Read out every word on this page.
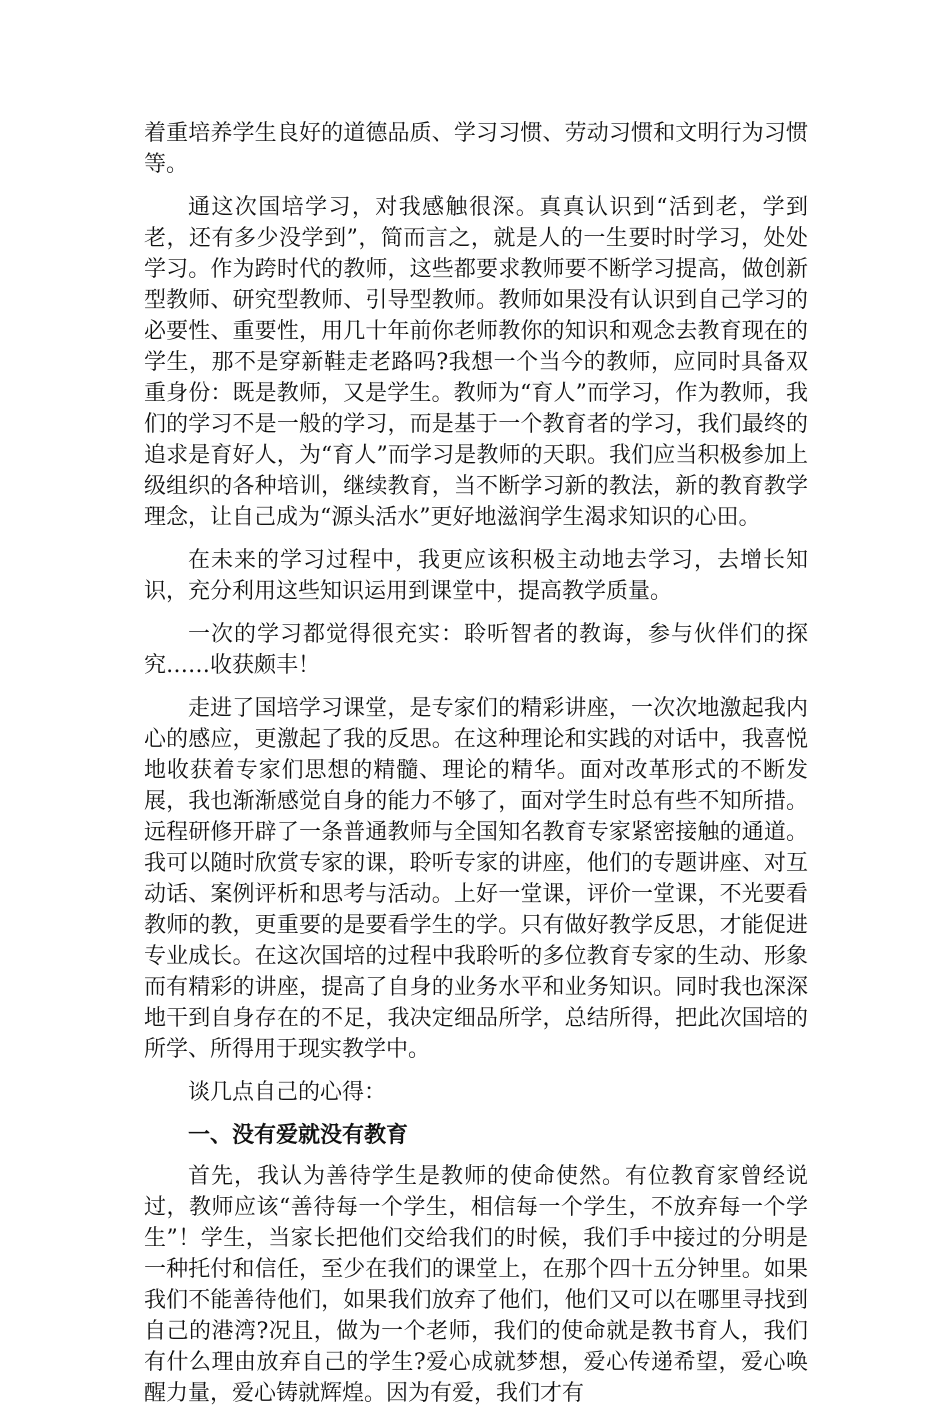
着重培养学生良好的道德品质、学习习惯、劳动习惯和文明行为习惯等。

通这次国培学习，对我感触很深。真真认识到“活到老，学到老，还有多少没学到”，简而言之，就是人的一生要时时学习，处处学习。作为跨时代的教师，这些都要求教师要不断学习提高，做创新型教师、研究型教师、引导型教师。教师如果没有认识到自己学习的必要性、重要性，用几十年前你老师教你的知识和观念去教育现在的学生，那不是穿新鞋走老路吗?我想一个当今的教师，应同时具备双重身份：既是教师，又是学生。教师为“育人”而学习，作为教师，我们的学习不是一般的学习，而是基于一个教育者的学习，我们最终的追求是育好人，为“育人”而学习是教师的天职。我们应当积极参加上级组织的各种培训，继续教育，当不断学习新的教法，新的教育教学理念，让自己成为“源头活水”更好地滋润学生渴求知识的心田。

在未来的学习过程中，我更应该积极主动地去学习，去增长知识，充分利用这些知识运用到课堂中，提高教学质量。

一次的学习都觉得很充实：聆听智者的教诲，参与伙伴们的探究……收获颇丰！

走进了国培学习课堂，是专家们的精彩讲座，一次次地激起我内心的感应，更激起了我的反思。在这种理论和实践的对话中，我喜悦地收获着专家们思想的精髓、理论的精华。面对改革形式的不断发展，我也渐渐感觉自身的能力不够了，面对学生时总有些不知所措。远程研修开辟了一条普通教师与全国知名教育专家紧密接触的通道。我可以随时欣赏专家的课，聆听专家的讲座，他们的专题讲座、对互动话、案例评析和思考与活动。上好一堂课，评价一堂课，不光要看教师的教，更重要的是要看学生的学。只有做好教学反思，才能促进专业成长。在这次国培的过程中我聆听的多位教育专家的生动、形象而有精彩的讲座，提高了自身的业务水平和业务知识。同时我也深深地干到自身存在的不足，我决定细品所学，总结所得，把此次国培的所学、所得用于现实教学中。

谈几点自己的心得：

一、没有爱就没有教育

首先，我认为善待学生是教师的使命使然。有位教育家曾经说过，教师应该“善待每一个学生，相信每一个学生，不放弃每一个学生”！学生，当家长把他们交给我们的时候，我们手中接过的分明是一种托付和信任，至少在我们的课堂上，在那个四十五分钟里。如果我们不能善待他们，如果我们放弃了他们，他们又可以在哪里寻找到自己的港湾?况且，做为一个老师，我们的使命就是教书育人，我们有什么理由放弃自己的学生?爱心成就梦想，爱心传递希望，爱心唤醒力量，爱心铸就辉煌。因为有爱，我们才有
